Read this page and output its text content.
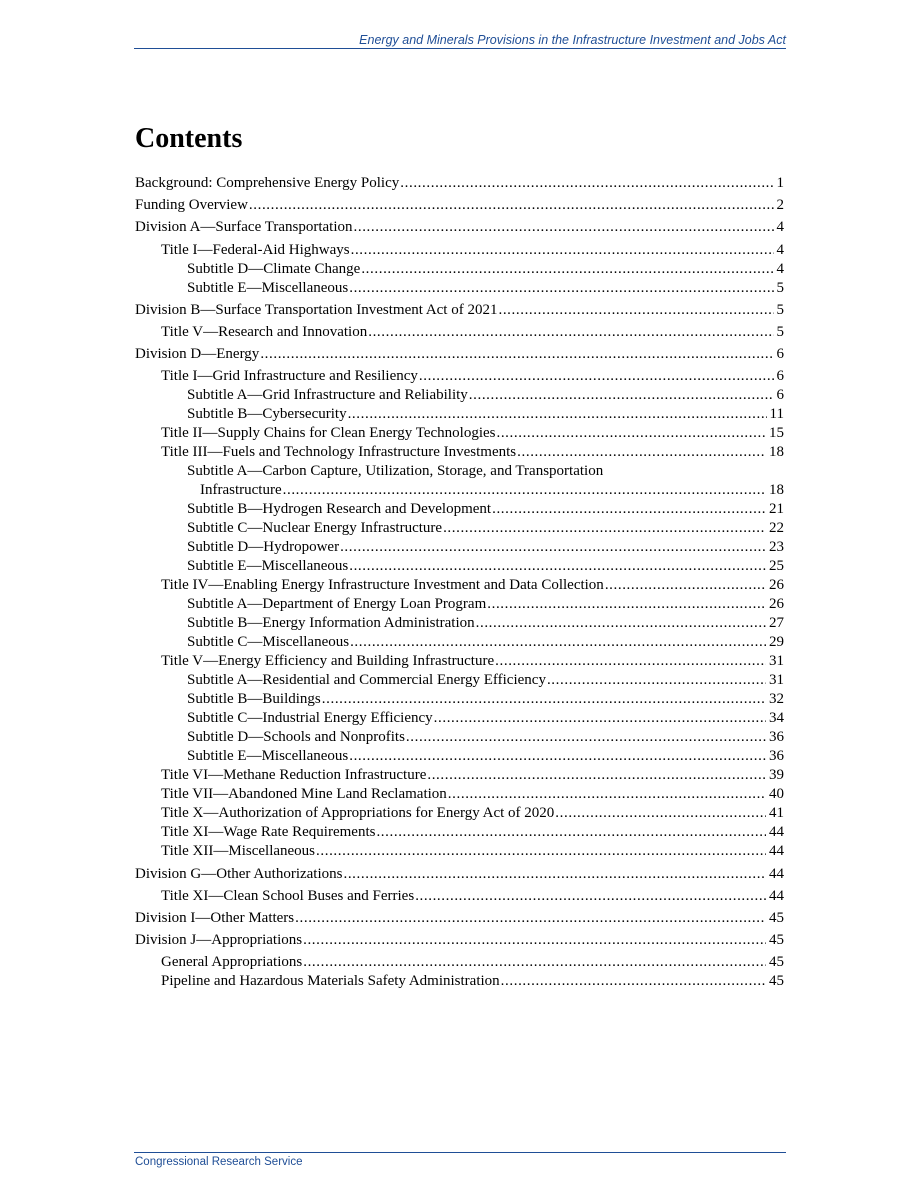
Energy and Minerals Provisions in the Infrastructure Investment and Jobs Act
Contents
Background: Comprehensive Energy Policy .....	1
Funding Overview .....	2
Division A—Surface Transportation .....	4
Title I—Federal-Aid Highways .....	4
Subtitle D—Climate Change .....	4
Subtitle E—Miscellaneous .....	5
Division B—Surface Transportation Investment Act of 2021 .....	5
Title V—Research and Innovation .....	5
Division D—Energy .....	6
Title I—Grid Infrastructure and Resiliency .....	6
Subtitle A—Grid Infrastructure and Reliability .....	6
Subtitle B—Cybersecurity .....	11
Title II—Supply Chains for Clean Energy Technologies .....	15
Title III—Fuels and Technology Infrastructure Investments .....	18
Subtitle A—Carbon Capture, Utilization, Storage, and Transportation
Infrastructure .....	18
Subtitle B—Hydrogen Research and Development .....	21
Subtitle C—Nuclear Energy Infrastructure .....	22
Subtitle D—Hydropower .....	23
Subtitle E—Miscellaneous .....	25
Title IV—Enabling Energy Infrastructure Investment and Data Collection .....	26
Subtitle A—Department of Energy Loan Program .....	26
Subtitle B—Energy Information Administration .....	27
Subtitle C—Miscellaneous .....	29
Title V—Energy Efficiency and Building Infrastructure .....	31
Subtitle A—Residential and Commercial Energy Efficiency .....	31
Subtitle B—Buildings .....	32
Subtitle C—Industrial Energy Efficiency .....	34
Subtitle D—Schools and Nonprofits .....	36
Subtitle E—Miscellaneous .....	36
Title VI—Methane Reduction Infrastructure .....	39
Title VII—Abandoned Mine Land Reclamation .....	40
Title X—Authorization of Appropriations for Energy Act of 2020 .....	41
Title XI—Wage Rate Requirements .....	44
Title XII—Miscellaneous .....	44
Division G—Other Authorizations .....	44
Title XI—Clean School Buses and Ferries .....	44
Division I—Other Matters .....	45
Division J—Appropriations .....	45
General Appropriations .....	45
Pipeline and Hazardous Materials Safety Administration .....	45
Congressional Research Service
